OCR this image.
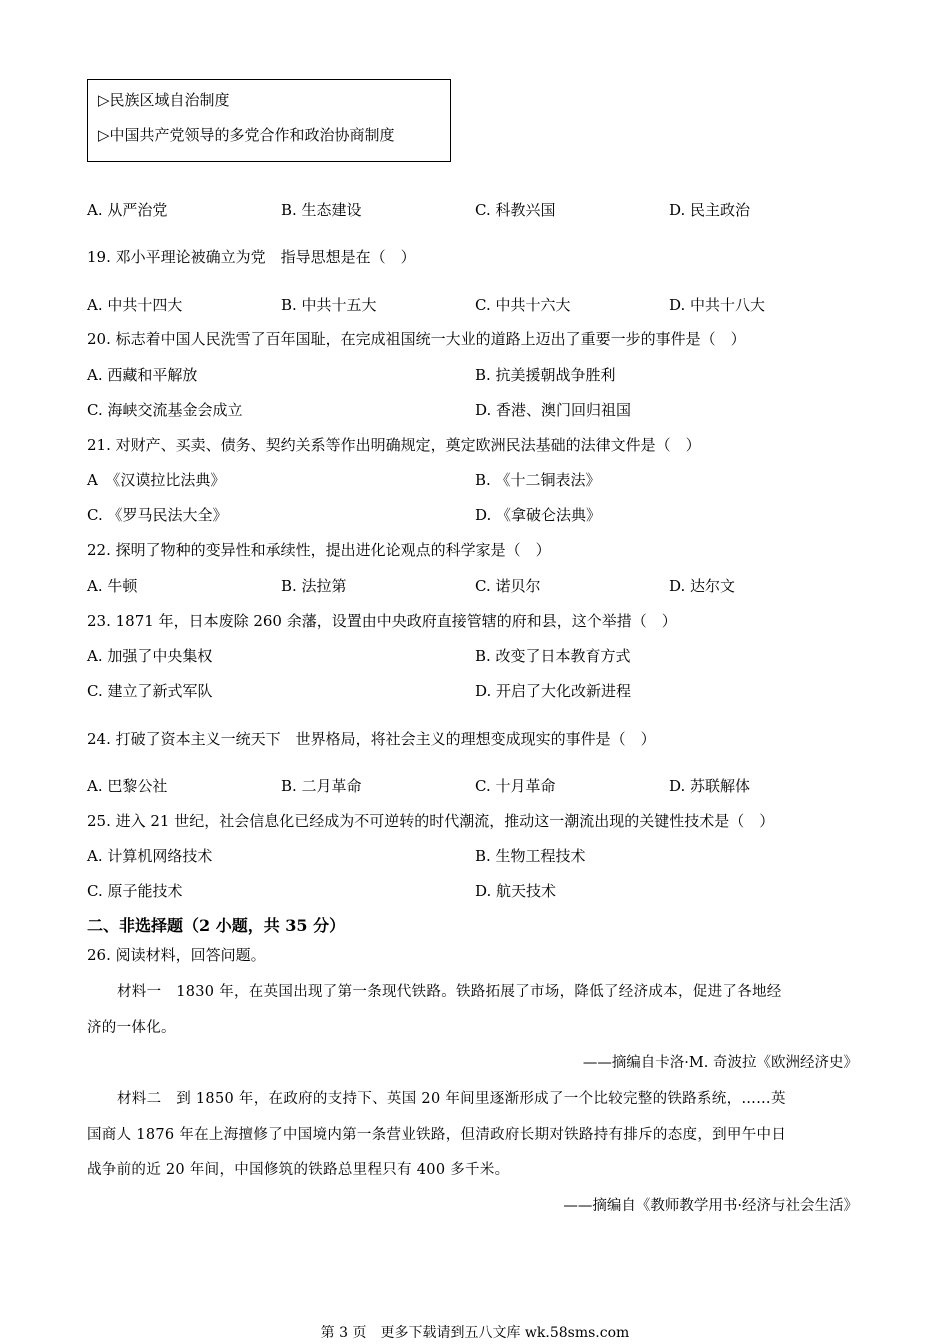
▷民族区域自治制度
▷中国共产党领导的多党合作和政治协商制度
A. 从严治党	B. 生态建设	C. 科教兴国	D. 民主政治
19. 邓小平理论被确立为党　指导思想是在（　）
A. 中共十四大	B. 中共十五大	C. 中共十六大	D. 中共十八大
20. 标志着中国人民洗雪了百年国耻，在完成祖国统一大业的道路上迈出了重要一步的事件是（　）
A. 西藏和平解放	B. 抗美援朝战争胜利
C. 海峡交流基金会成立	D. 香港、澳门回归祖国
21. 对财产、买卖、债务、契约关系等作出明确规定，奠定欧洲民法基础的法律文件是（　）
A　《汉谟拉比法典》	B. 《十二铜表法》
C. 《罗马民法大全》	D. 《拿破仑法典》
22. 探明了物种的变异性和承续性，提出进化论观点的科学家是（　）
A. 牛顿	B. 法拉第	C. 诺贝尔	D. 达尔文
23. 1871 年，日本废除 260 余藩，设置由中央政府直接管辖的府和县，这个举措（　）
A. 加强了中央集权	B. 改变了日本教育方式
C. 建立了新式军队	D. 开启了大化改新进程
24. 打破了资本主义一统天下　世界格局，将社会主义的理想变成现实的事件是（　）
A. 巴黎公社	B. 二月革命	C. 十月革命	D. 苏联解体
25. 进入 21 世纪，社会信息化已经成为不可逆转的时代潮流，推动这一潮流出现的关键性技术是（　）
A. 计算机网络技术	B. 生物工程技术
C. 原子能技术	D. 航天技术
二、非选择题（2 小题，共 35 分）
26. 阅读材料，回答问题。
材料一　1830 年，在英国出现了第一条现代铁路。铁路拓展了市场，降低了经济成本，促进了各地经
济的一体化。
——摘编自卡洛·M. 奇波拉《欧洲经济史》
材料二　到 1850 年，在政府的支持下、英国 20 年间里逐渐形成了一个比较完整的铁路系统，……英
国商人 1876 年在上海擅修了中国境内第一条营业铁路，但清政府长期对铁路持有排斥的态度，到甲午中日
战争前的近 20 年间，中国修筑的铁路总里程只有 400 多千米。
——摘编自《教师教学用书·经济与社会生活》
第 3 页　更多下载请到五八文库 wk.58sms.com
